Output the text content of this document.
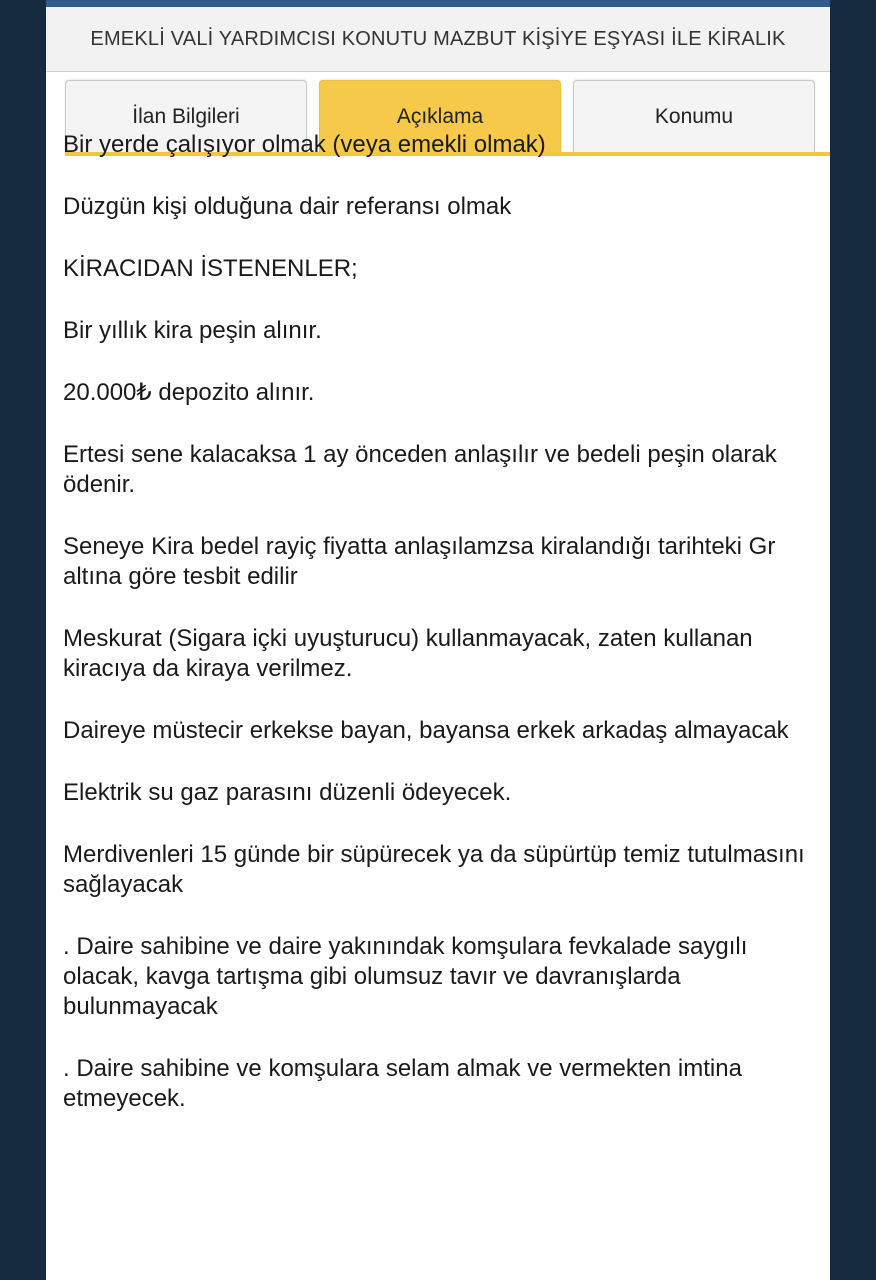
EMEKLİ VALİ YARDIMCISI KONUTU MAZBUT KİŞİYE EŞYASI İLE KİRALIK
İlan Bilgileri	Açıklama	Konumu

Bir yerde çalışıyor olmak (veya emekli olmak)

Düzgün kişi olduğuna dair referansı olmak

KİRACIDAN İSTENENLER;

Bir yıllık kira peşin alınır.

20.000₺ depozito alınır.

Ertesi sene kalacaksa 1 ay önceden anlaşılır ve bedeli peşin olarak ödenir.

Seneye Kira bedel rayiç fiyatta anlaşılamzsa kiralandığı tarihteki Gr altına göre tesbit edilir

Meskurat (Sigara içki uyuşturucu) kullanmayacak, zaten kullanan kiracıya da kiraya verilmez.

Daireye müstecir erkekse bayan, bayansa erkek arkadaş almayacak

Elektrik su gaz parasını düzenli ödeyecek.

Merdivenleri 15 günde bir süpürecek ya da süpürtüp temiz tutulmasını sağlayacak

. Daire sahibine ve daire yakınındak komşulara fevkalade saygılı olacak, kavga tartışma gibi olumsuz tavır ve davranışlarda bulunmayacak

. Daire sahibine ve komşulara selam almak ve vermekten imtina etmeyecek.
